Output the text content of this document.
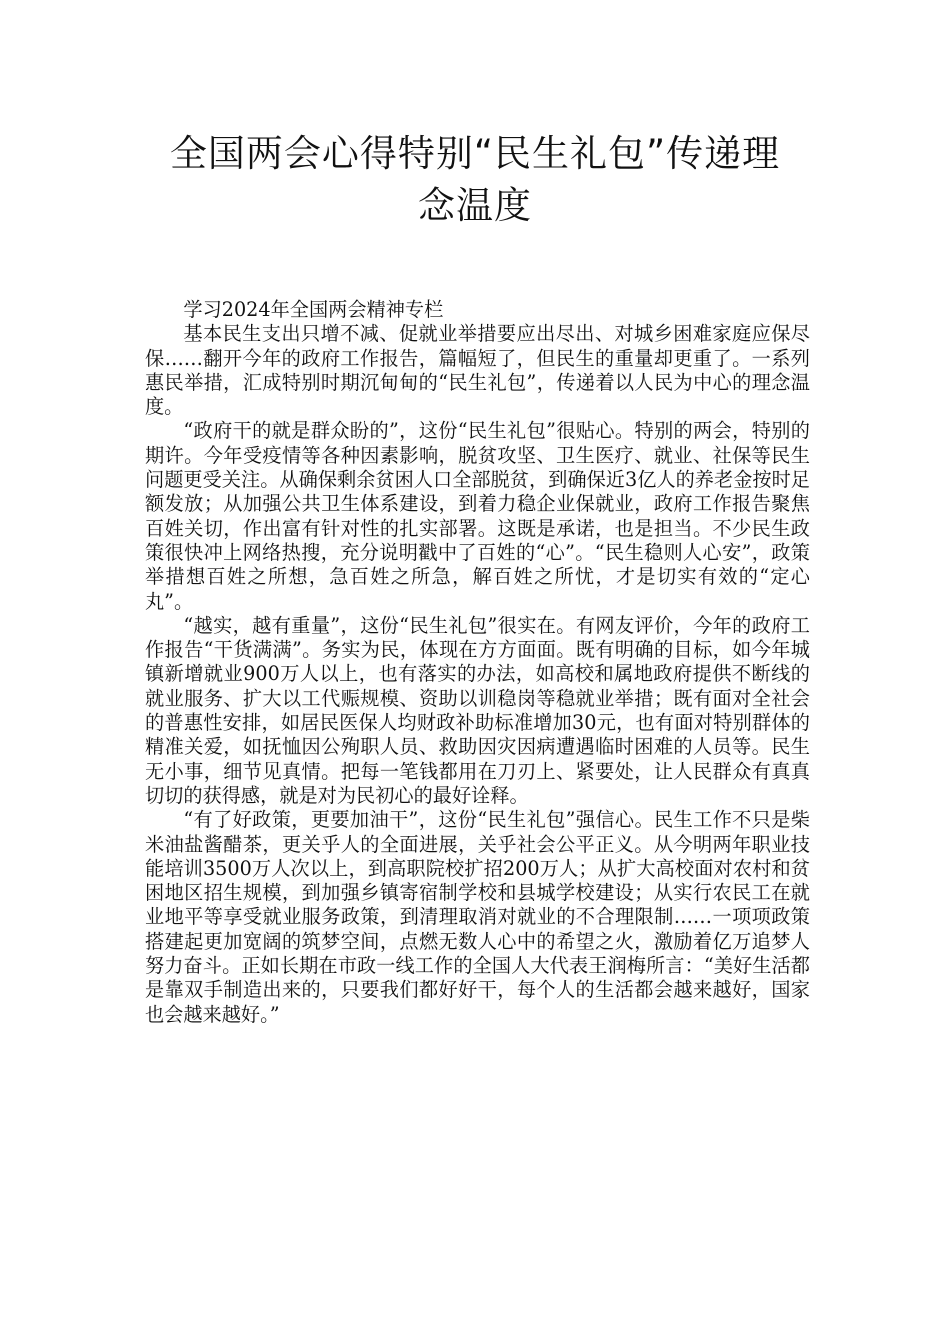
全国两会心得特别“民生礼包”传递理
念温度

学习2024年全国两会精神专栏

基本民生支出只增不减、促就业举措要应出尽出、对城乡困难家庭应保尽保……翻开今年的政府工作报告，篇幅短了，但民生的重量却更重了。一系列惠民举措，汇成特别时期沉甸甸的“民生礼包”，传递着以人民为中心的理念温度。

“政府干的就是群众盼的”，这份“民生礼包”很贴心。特别的两会，特别的期许。今年受疫情等各种因素影响，脱贫攻坚、卫生医疗、就业、社保等民生问题更受关注。从确保剩余贫困人口全部脱贫，到确保近3亿人的养老金按时足额发放；从加强公共卫生体系建设，到着力稳企业保就业，政府工作报告聚焦百姓关切，作出富有针对性的扎实部署。这既是承诺，也是担当。不少民生政策很快冲上网络热搜，充分说明戳中了百姓的“心”。“民生稳则人心安”，政策举措想百姓之所想，急百姓之所急，解百姓之所忧，才是切实有效的“定心丸”。

“越实，越有重量”，这份“民生礼包”很实在。有网友评价，今年的政府工作报告“干货满满”。务实为民，体现在方方面面。既有明确的目标，如今年城镇新增就业900万人以上，也有落实的办法，如高校和属地政府提供不断线的就业服务、扩大以工代赈规模、资助以训稳岗等稳就业举措；既有面对全社会的普惠性安排，如居民医保人均财政补助标准增加30元，也有面对特别群体的精准关爱，如抚恤因公殉职人员、救助因灾因病遭遇临时困难的人员等。民生无小事，细节见真情。把每一笔钱都用在刀刃上、紧要处，让人民群众有真真切切的获得感，就是对为民初心的最好诠释。

“有了好政策，更要加油干”，这份“民生礼包”强信心。民生工作不只是柴米油盐酱醋茶，更关乎人的全面进展，关乎社会公平正义。从今明两年职业技能培训3500万人次以上，到高职院校扩招200万人；从扩大高校面对农村和贫困地区招生规模，到加强乡镇寄宿制学校和县城学校建设；从实行农民工在就业地平等享受就业服务政策，到清理取消对就业的不合理限制……一项项政策搭建起更加宽阔的筑梦空间，点燃无数人心中的希望之火，激励着亿万追梦人努力奋斗。正如长期在市政一线工作的全国人大代表王润梅所言：“美好生活都是靠双手制造出来的，只要我们都好好干，每个人的生活都会越来越好，国家也会越来越好。”
